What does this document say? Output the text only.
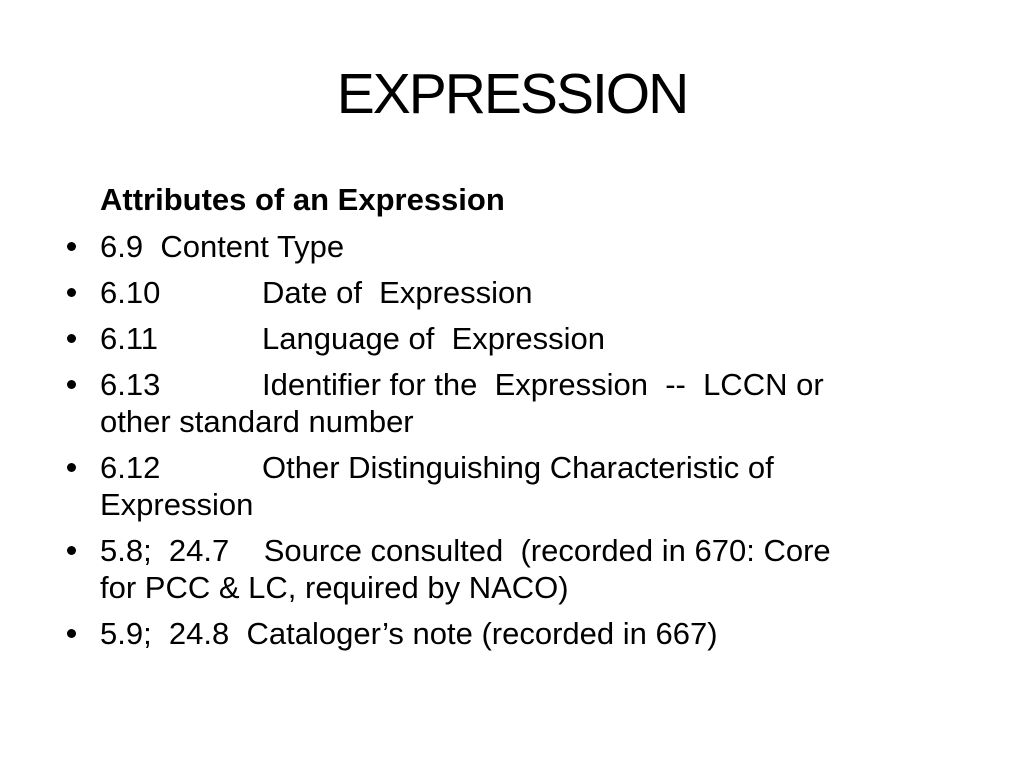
EXPRESSION
Attributes of an Expression
6.9  Content Type
6.10	Date of  Expression
6.11	Language of  Expression
6.13	Identifier for the  Expression  --  LCCN or
other standard number
6.12	Other Distinguishing Characteristic of
Expression
5.8;  24.7    Source consulted  (recorded in 670: Core
for PCC & LC, required by NACO)
5.9;  24.8  Cataloger’s note (recorded in 667)
